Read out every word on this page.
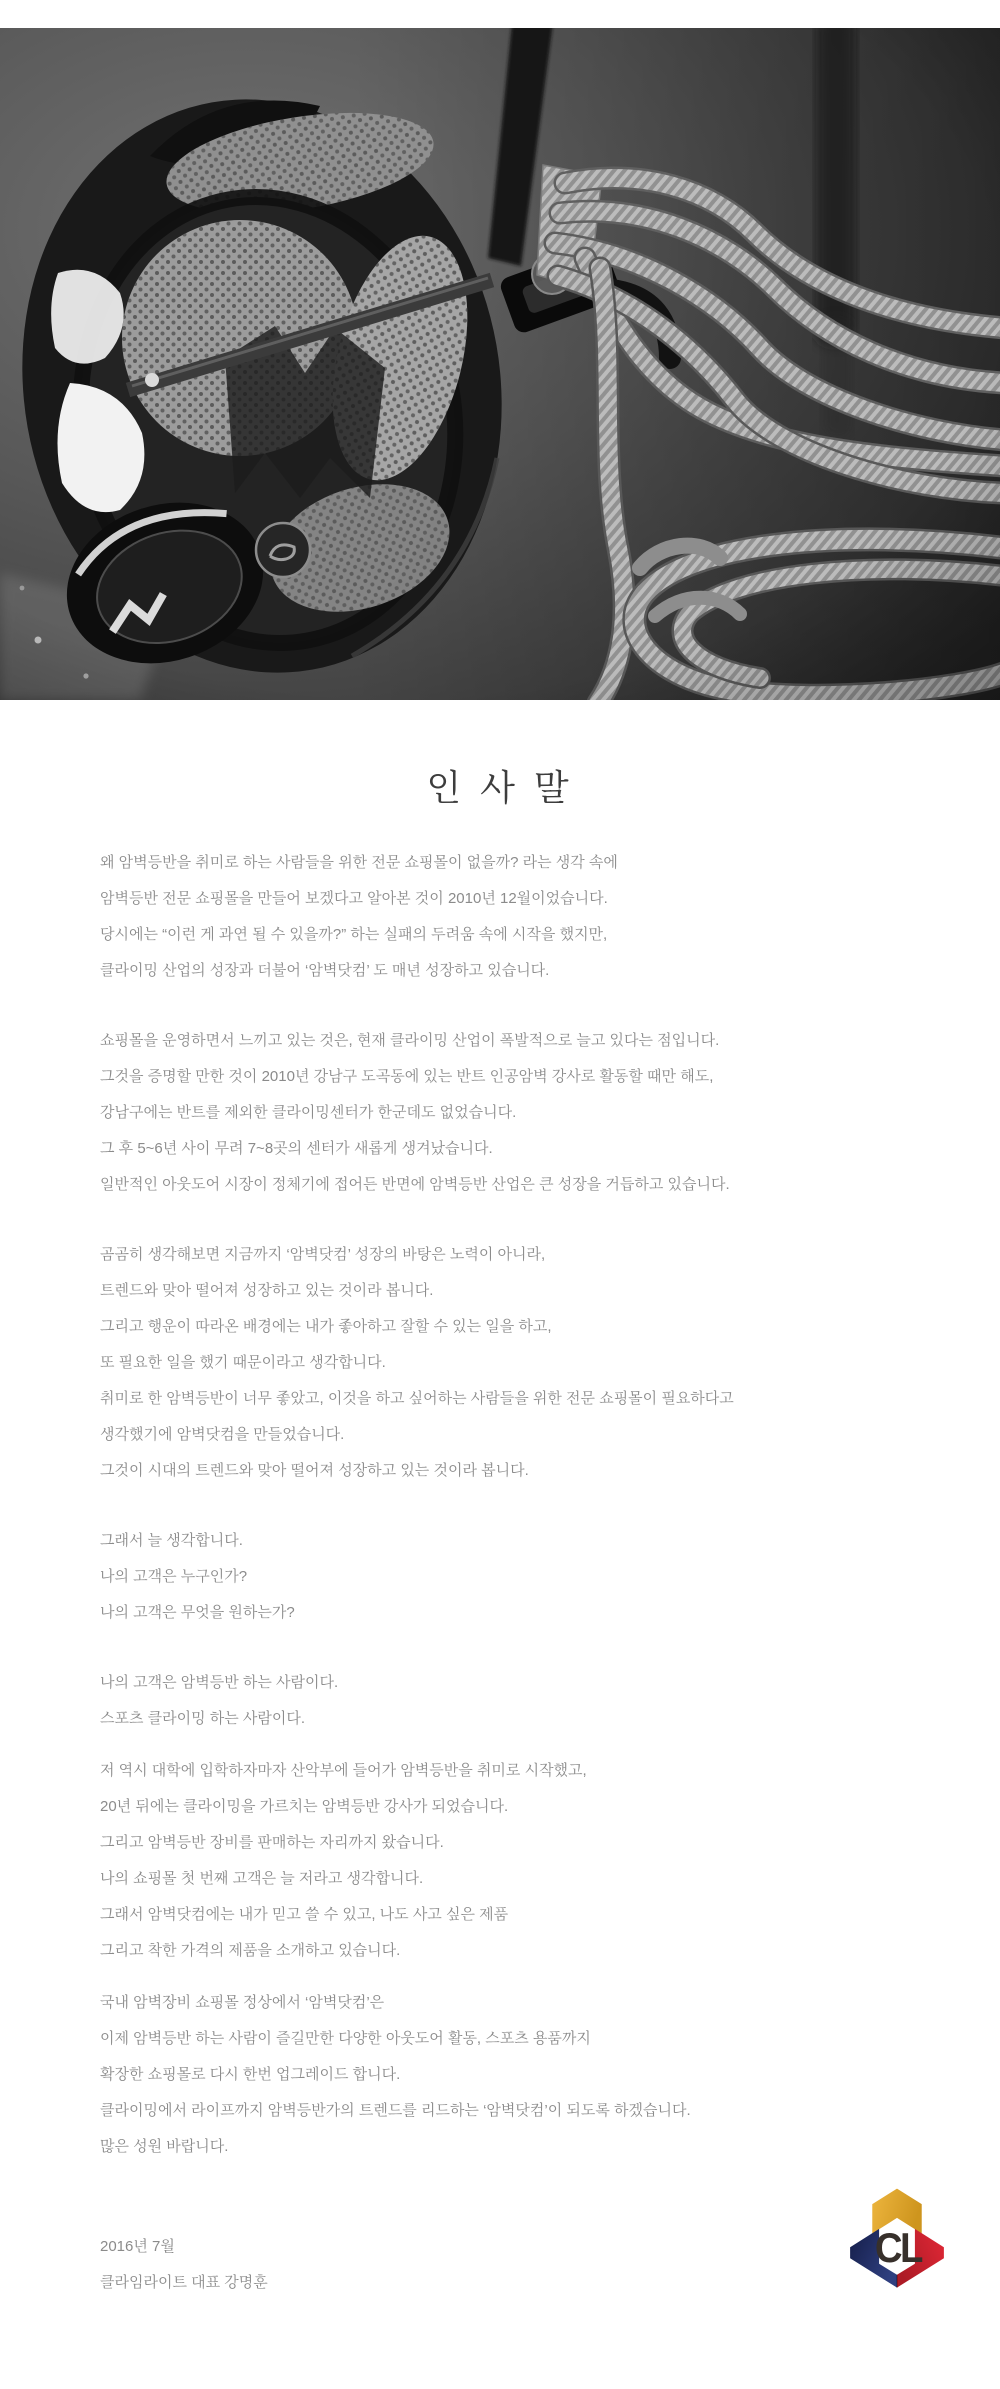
인 사 말

왜 암벽등반을 취미로 하는 사람들을 위한 전문 쇼핑몰이 없을까? 라는 생각 속에
암벽등반 전문 쇼핑몰을 만들어 보겠다고 알아본 것이 2010년 12월이었습니다.
당시에는 “이런 게 과연 될 수 있을까?” 하는 실패의 두려움 속에 시작을 했지만,
클라이밍 산업의 성장과 더불어 ‘암벽닷컴’ 도 매년 성장하고 있습니다.

쇼핑몰을 운영하면서 느끼고 있는 것은, 현재 클라이밍 산업이 폭발적으로 늘고 있다는 점입니다.
그것을 증명할 만한 것이 2010년 강남구 도곡동에 있는 반트 인공암벽 강사로 활동할 때만 해도,
강남구에는 반트를 제외한 클라이밍센터가 한군데도 없었습니다.
그 후 5~6년 사이 무려 7~8곳의 센터가 새롭게 생겨났습니다.
일반적인 아웃도어 시장이 정체기에 접어든 반면에 암벽등반 산업은 큰 성장을 거듭하고 있습니다.

곰곰히 생각해보면 지금까지 ‘암벽닷컴’ 성장의 바탕은 노력이 아니라,
트렌드와 맞아 떨어져 성장하고 있는 것이라 봅니다.
그리고 행운이 따라온 배경에는 내가 좋아하고 잘할 수 있는 일을 하고,
또 필요한 일을 했기 때문이라고 생각합니다.
취미로 한 암벽등반이 너무 좋았고, 이것을 하고 싶어하는 사람들을 위한 전문 쇼핑몰이 필요하다고
생각했기에 암벽닷컴을 만들었습니다.
그것이 시대의 트렌드와 맞아 떨어져 성장하고 있는 것이라 봅니다.

그래서 늘 생각합니다.
나의 고객은 누구인가?
나의 고객은 무엇을 원하는가?

나의 고객은 암벽등반 하는 사람이다.
스포츠 클라이밍 하는 사람이다.

저 역시 대학에 입학하자마자 산악부에 들어가 암벽등반을 취미로 시작했고,
20년 뒤에는 클라이밍을 가르치는 암벽등반 강사가 되었습니다.
그리고 암벽등반 장비를 판매하는 자리까지 왔습니다.
나의 쇼핑몰 첫 번째 고객은 늘 저라고 생각합니다.
그래서 암벽닷컴에는 내가 믿고 쓸 수 있고, 나도 사고 싶은 제품
그리고 착한 가격의 제품을 소개하고 있습니다.

국내 암벽장비 쇼핑몰 정상에서 ‘암벽닷컴’은
이제 암벽등반 하는 사람이 즐길만한 다양한 아웃도어 활동, 스포츠 용품까지
확장한 쇼핑몰로 다시 한번 업그레이드 합니다.
클라이밍에서 라이프까지 암벽등반가의 트렌드를 리드하는 ‘암벽닷컴’이 되도록 하겠습니다.
많은 성원 바랍니다.

2016년 7월
클라임라이트 대표 강명훈
CL
